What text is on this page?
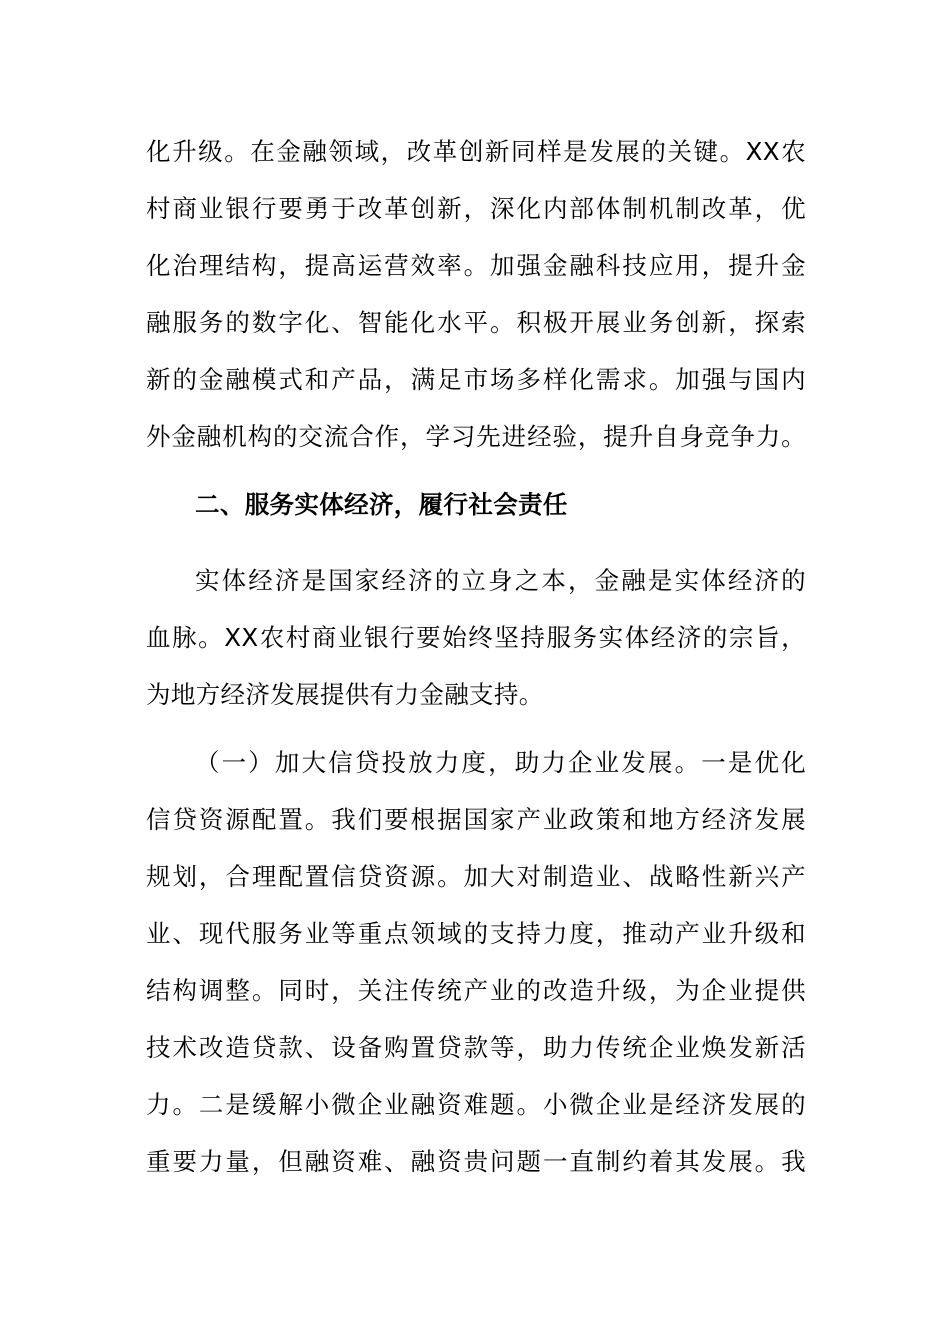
化升级。在金融领域，改革创新同样是发展的关键。XX农
村商业银行要勇于改革创新，深化内部体制机制改革，优
化治理结构，提高运营效率。加强金融科技应用，提升金
融服务的数字化、智能化水平。积极开展业务创新，探索
新的金融模式和产品，满足市场多样化需求。加强与国内
外金融机构的交流合作，学习先进经验，提升自身竞争力。
二、服务实体经济，履行社会责任
实体经济是国家经济的立身之本，金融是实体经济的
血脉。XX农村商业银行要始终坚持服务实体经济的宗旨，
为地方经济发展提供有力金融支持。
（一）加大信贷投放力度，助力企业发展。一是优化
信贷资源配置。我们要根据国家产业政策和地方经济发展
规划，合理配置信贷资源。加大对制造业、战略性新兴产
业、现代服务业等重点领域的支持力度，推动产业升级和
结构调整。同时，关注传统产业的改造升级，为企业提供
技术改造贷款、设备购置贷款等，助力传统企业焕发新活
力。二是缓解小微企业融资难题。小微企业是经济发展的
重要力量，但融资难、融资贵问题一直制约着其发展。我
